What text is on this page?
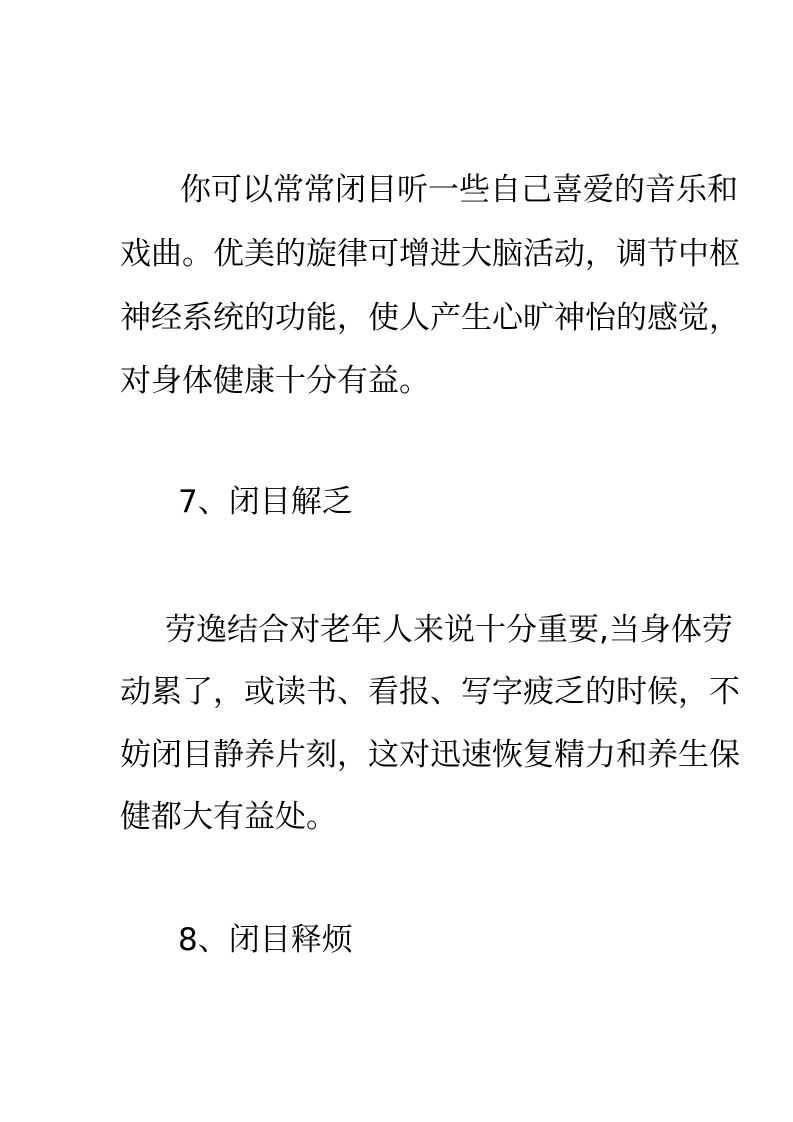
你可以常常闭目听一些自己喜爱的音乐和
戏曲。优美的旋律可增进大脑活动，调节中枢
神经系统的功能，使人产生心旷神怡的感觉，
对身体健康十分有益。
7、闭目解乏
劳逸结合对老年人来说十分重要,当身体劳
动累了，或读书、看报、写字疲乏的时候，不
妨闭目静养片刻，这对迅速恢复精力和养生保
健都大有益处。
8、闭目释烦
